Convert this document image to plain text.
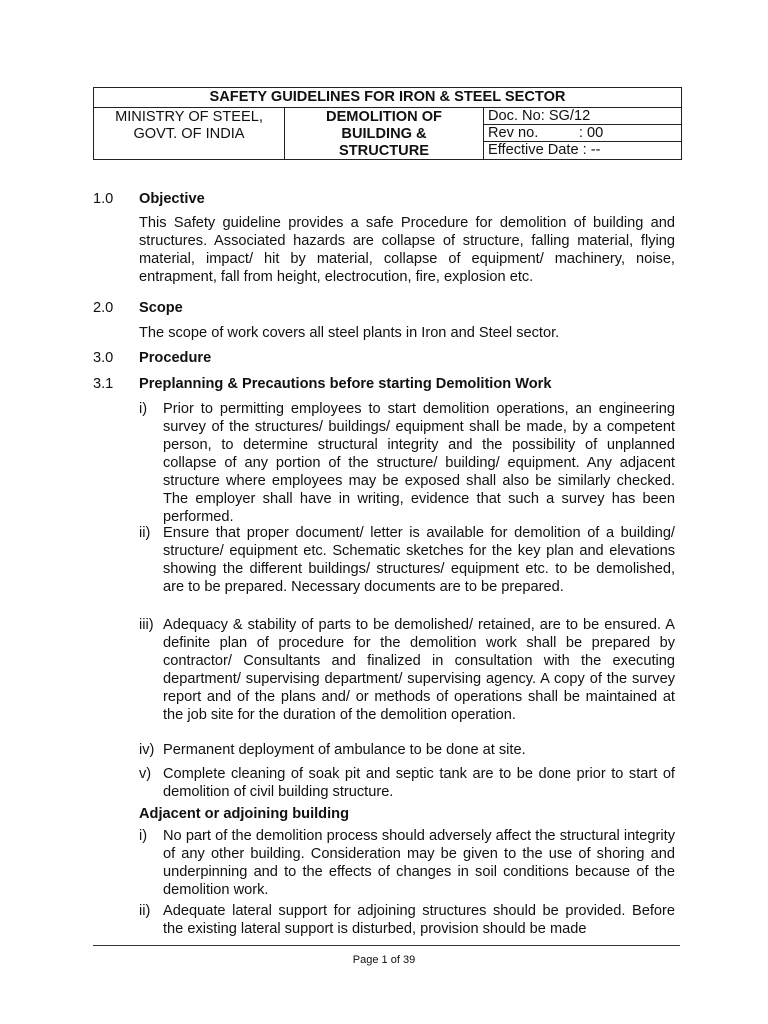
SAFETY GUIDELINES FOR IRON & STEEL SECTOR
MINISTRY OF STEEL,
GOVT. OF INDIA
DEMOLITION OF
BUILDING &
STRUCTURE
Doc. No: SG/12
Rev no.          : 00
Effective Date : --
1.0 Objective
This Safety guideline provides a safe Procedure for demolition of building and structures. Associated hazards are collapse of structure, falling material, flying material, impact/ hit by material, collapse of equipment/ machinery, noise, entrapment, fall from height, electrocution, fire, explosion etc.
2.0 Scope
The scope of work covers all steel plants in Iron and Steel sector.
3.0 Procedure
3.1 Preplanning & Precautions before starting Demolition Work
i)	Prior to permitting employees to start demolition operations, an engineering survey of the structures/ buildings/ equipment shall be made, by a competent person, to determine structural integrity and the possibility of unplanned collapse of any portion of the structure/ building/ equipment. Any adjacent structure where employees may be exposed shall also be similarly checked. The employer shall have in writing, evidence that such a survey has been performed.
ii) Ensure that proper document/ letter is available for demolition of a building/ structure/ equipment etc. Schematic sketches for the key plan and elevations showing the different buildings/ structures/ equipment etc. to be demolished, are to be prepared. Necessary documents are to be prepared.
iii) Adequacy & stability of parts to be demolished/ retained, are to be ensured. A definite plan of procedure for the demolition work shall be prepared by contractor/ Consultants and finalized in consultation with the executing department/ supervising department/ supervising agency. A copy of the survey report and of the plans and/ or methods of operations shall be maintained at the job site for the duration of the demolition operation.
iv) Permanent deployment of ambulance to be done at site.
v) Complete cleaning of soak pit and septic tank are to be done prior to start of demolition of civil building structure.
Adjacent or adjoining building
i)	No part of the demolition process should adversely affect the structural integrity of any other building. Consideration may be given to the use of shoring and underpinning and to the effects of changes in soil conditions because of the demolition work.
ii) Adequate lateral support for adjoining structures should be provided. Before the existing lateral support is disturbed, provision should be made
Page 1 of 39
